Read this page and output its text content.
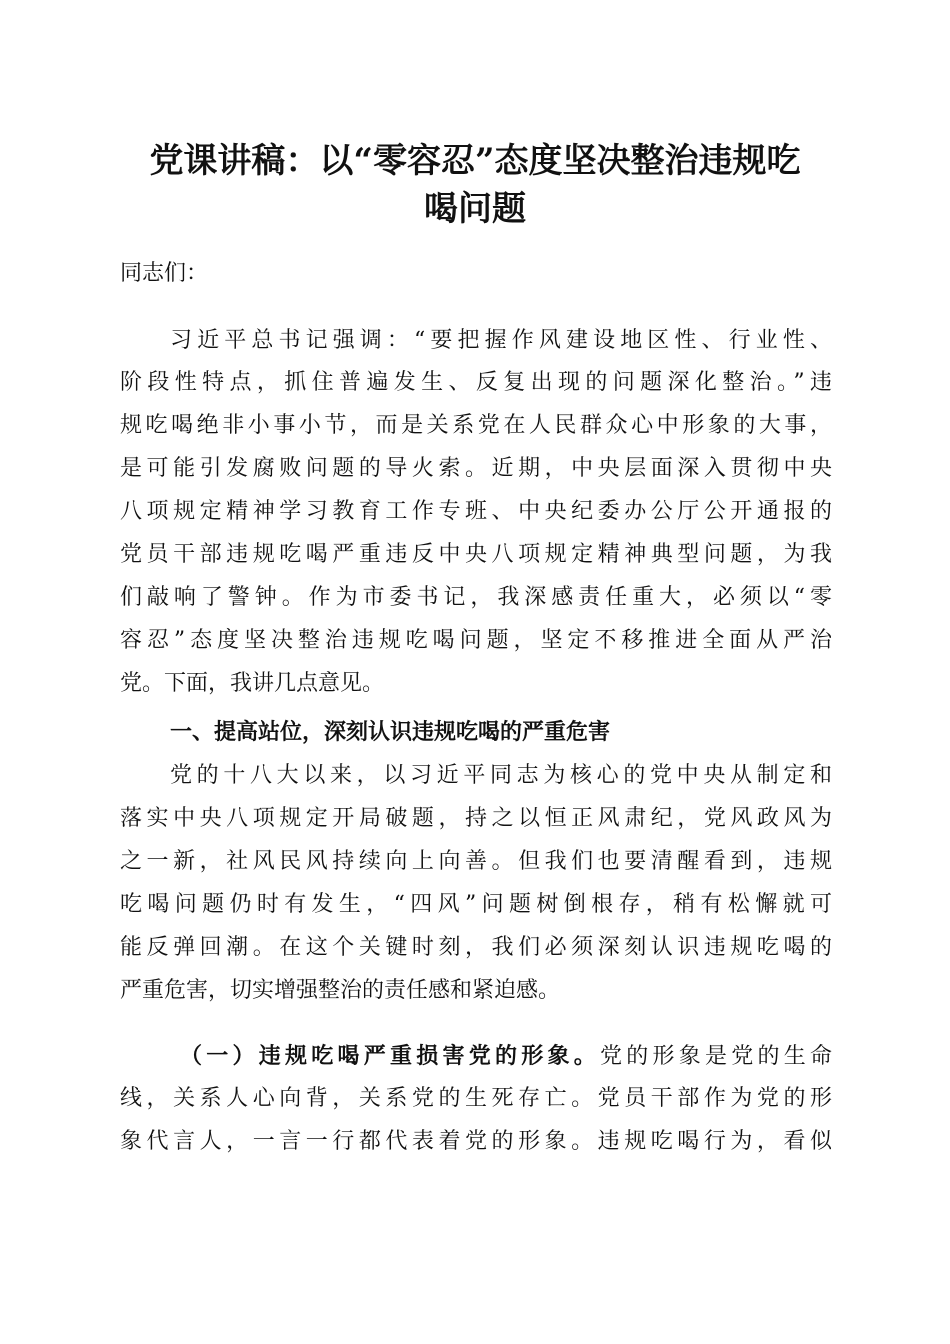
党课讲稿：以“零容忍”态度坚决整治违规吃
喝问题
同志们：
习近平总书记强调：“要把握作风建设地区性、行业性、
阶段性特点，抓住普遍发生、反复出现的问题深化整治。”违
规吃喝绝非小事小节，而是关系党在人民群众心中形象的大事，
是可能引发腐败问题的导火索。近期，中央层面深入贯彻中央
八项规定精神学习教育工作专班、中央纪委办公厅公开通报的
党员干部违规吃喝严重违反中央八项规定精神典型问题，为我
们敲响了警钟。作为市委书记，我深感责任重大，必须以“零
容忍”态度坚决整治违规吃喝问题，坚定不移推进全面从严治
党。下面，我讲几点意见。
一、提高站位，深刻认识违规吃喝的严重危害
党的十八大以来，以习近平同志为核心的党中央从制定和
落实中央八项规定开局破题，持之以恒正风肃纪，党风政风为
之一新，社风民风持续向上向善。但我们也要清醒看到，违规
吃喝问题仍时有发生，“四风”问题树倒根存，稍有松懈就可
能反弹回潮。在这个关键时刻，我们必须深刻认识违规吃喝的
严重危害，切实增强整治的责任感和紧迫感。
（一）违规吃喝严重损害党的形象。党的形象是党的生命
线，关系人心向背，关系党的生死存亡。党员干部作为党的形
象代言人，一言一行都代表着党的形象。违规吃喝行为，看似
